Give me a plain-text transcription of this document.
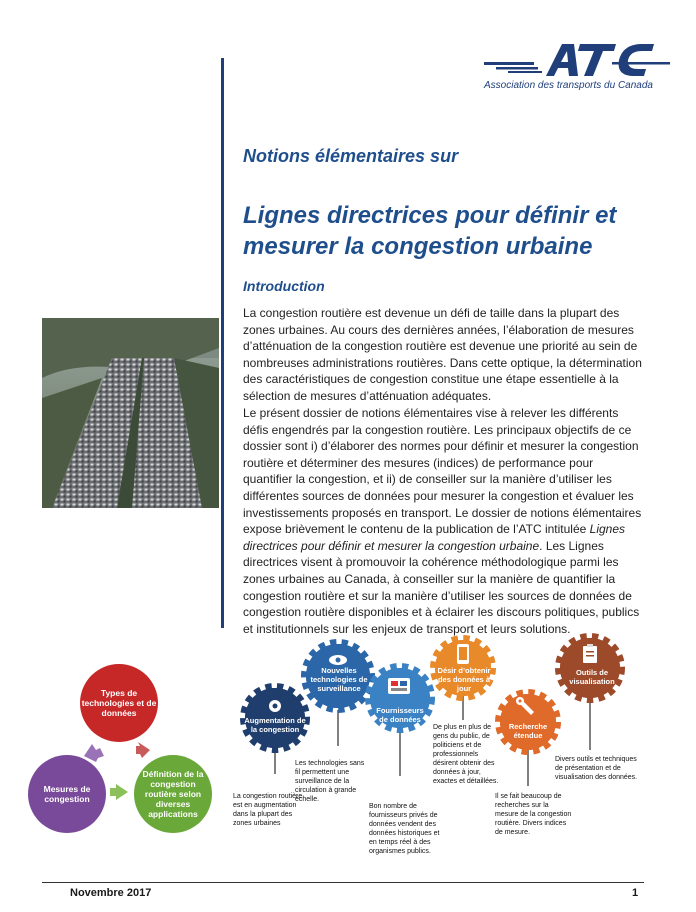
Association des transports du Canada
Notions élémentaires sur
Lignes directrices pour définir et mesurer la congestion urbaine
Introduction
La congestion routière est devenue un défi de taille dans la plupart des zones urbaines. Au cours des dernières années, l’élaboration de mesures d’atténuation de la congestion routière est devenue une priorité au sein de nombreuses administrations routières. Dans cette optique, la détermination des caractéristiques de congestion constitue une étape essentielle à la sélection de mesures d’atténuation adéquates.
Le présent dossier de notions élémentaires vise à relever les différents défis engendrés par la congestion routière. Les principaux objectifs de ce dossier sont i) d’élaborer des normes pour définir et mesurer la congestion routière et déterminer des mesures (indices) de performance pour quantifier la congestion, et ii) de conseiller sur la manière d’utiliser les différentes sources de données pour mesurer la congestion et évaluer les investissements proposés en transport. Le dossier de notions élémentaires expose brièvement le contenu de la publication de l’ATC intitulée Lignes directrices pour définir et mesurer la congestion urbaine. Les Lignes directrices visent à promouvoir la cohérence méthodologique parmi les zones urbaines au Canada, à conseiller sur la manière de quantifier la congestion routière et sur la manière d’utiliser les sources de données de congestion routière disponibles et à éclairer les discours politiques, publics et institutionnels sur les enjeux de transport et leurs solutions.
Types de technologies et de données
Définition de la congestion routière selon diverses applications
Mesures de congestion
Augmentation de la congestion
Nouvelles technologies de surveillance
Fournisseurs de données
Désir d’obtenir des données à jour
Recherche étendue
Outils de visualisation
La congestion routière est en augmentation dans la plupart des zones urbaines
Les technologies sans fil permettent une surveillance de la circulation à grande échelle.
Bon nombre de fournisseurs privés de données vendent des données historiques et en temps réel à des organismes publics.
De plus en plus de gens du public, de politiciens et de professionnels désirent obtenir des données à jour, exactes et détaillées.
Il se fait beaucoup de recherches sur la mesure de la congestion routière. Divers indices de mesure.
Divers outils et techniques de présentation et de visualisation des données.
Novembre 2017	1
